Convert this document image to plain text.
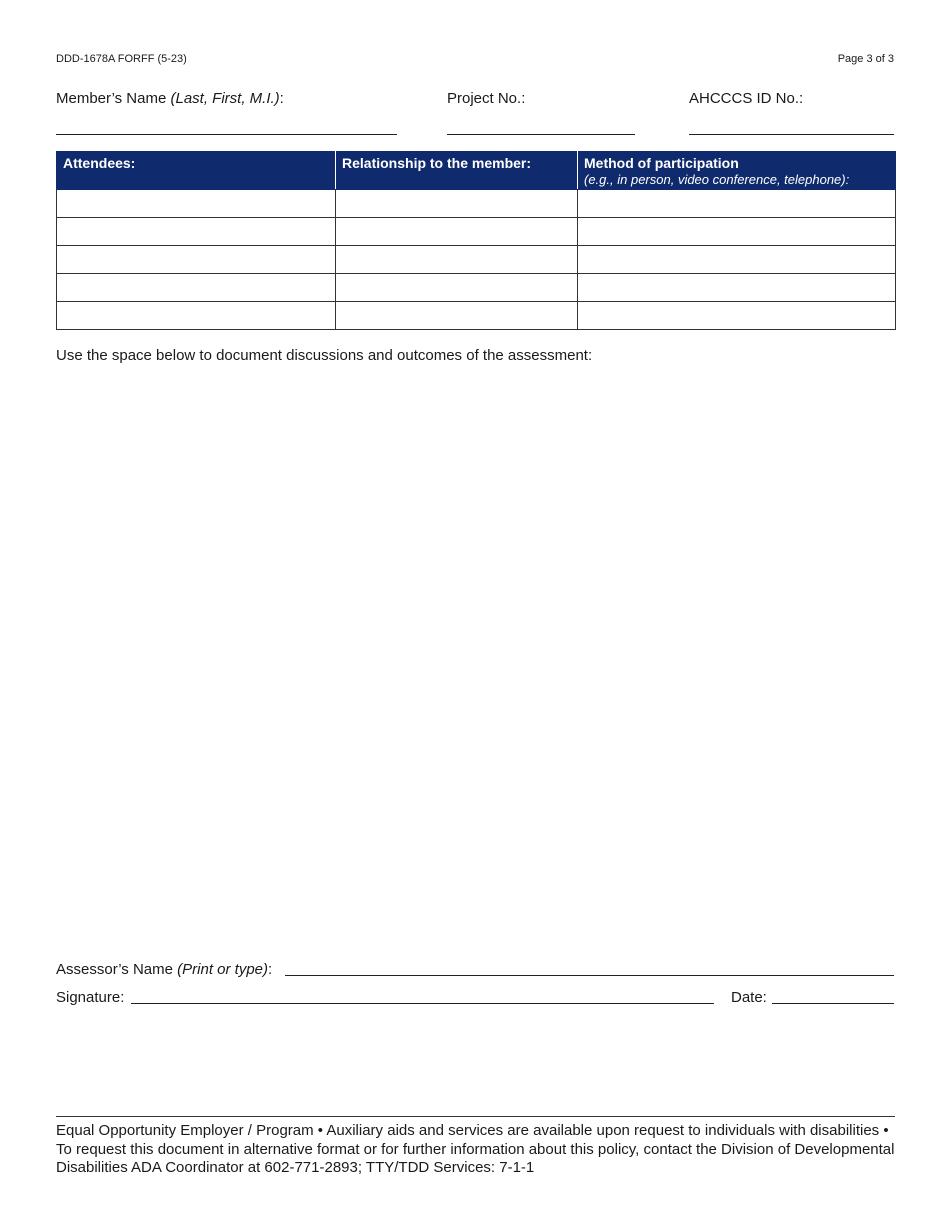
DDD-1678A FORFF (5-23)	Page 3 of 3
Member’s Name (Last, First, M.I.):	Project No.:	AHCCCS ID No.:
Attendees:	Relationship to the member:	Method of participation
(e.g., in person, video conference, telephone):

Use the space below to document discussions and outcomes of the assessment:
Assessor’s Name (Print or type):
Signature:	Date:
Equal Opportunity Employer / Program • Auxiliary aids and services are available upon request to individuals with disabilities • To request this document in alternative format or for further information about this policy, contact the Division of Developmental Disabilities ADA Coordinator at 602-771-2893; TTY/TDD Services: 7-1-1
